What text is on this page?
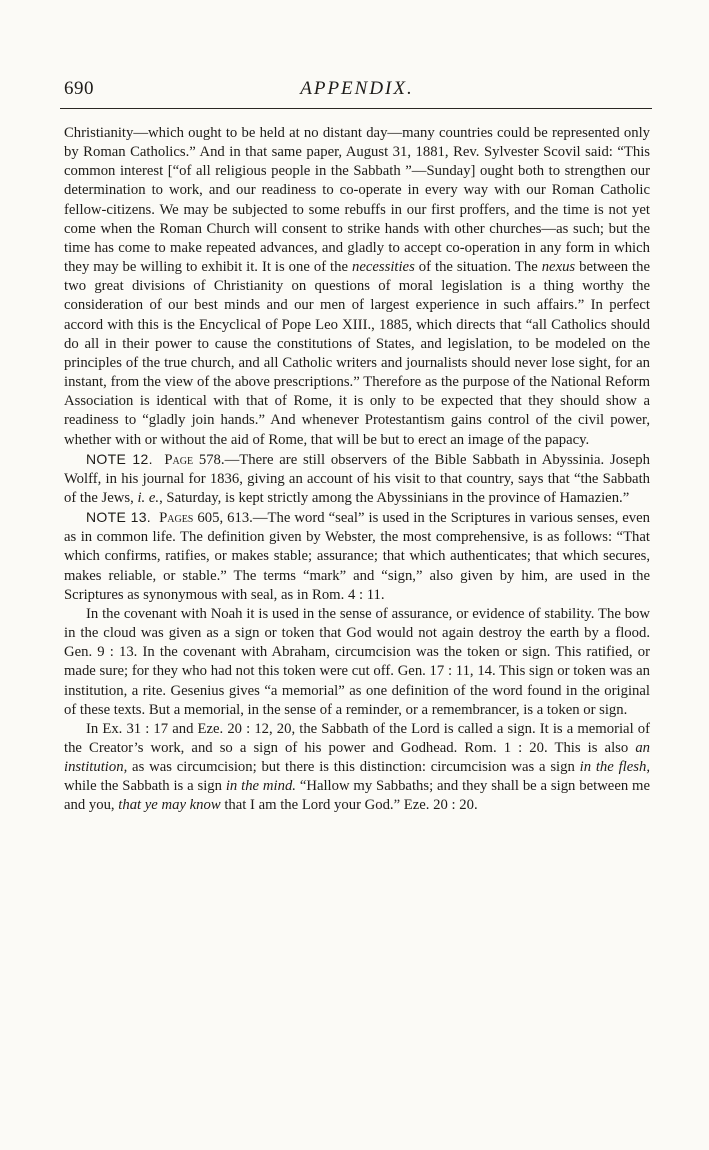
690	APPENDIX.

Christianity—which ought to be held at no distant day—many countries could be represented only by Roman Catholics.” And in that same paper, August 31, 1881, Rev. Sylvester Scovil said: “This common interest [“of all religious people in the Sabbath ”—Sunday] ought both to strengthen our determination to work, and our readiness to co-operate in every way with our Roman Catholic fellow-citizens. We may be subjected to some rebuffs in our first proffers, and the time is not yet come when the Roman Church will consent to strike hands with other churches—as such; but the time has come to make repeated advances, and gladly to accept co-operation in any form in which they may be willing to exhibit it. It is one of the necessities of the situation. The nexus between the two great divisions of Christianity on questions of moral legislation is a thing worthy the consideration of our best minds and our men of largest experience in such affairs.” In perfect accord with this is the Encyclical of Pope Leo XIII., 1885, which directs that “all Catholics should do all in their power to cause the constitutions of States, and legislation, to be modeled on the principles of the true church, and all Catholic writers and journalists should never lose sight, for an instant, from the view of the above prescriptions.” Therefore as the purpose of the National Reform Association is identical with that of Rome, it is only to be expected that they should show a readiness to “gladly join hands.” And whenever Protestantism gains control of the civil power, whether with or without the aid of Rome, that will be but to erect an image of the papacy.

NOTE 12. Page 578.—There are still observers of the Bible Sabbath in Abyssinia. Joseph Wolff, in his journal for 1836, giving an account of his visit to that country, says that “the Sabbath of the Jews, i. e., Saturday, is kept strictly among the Abyssinians in the province of Hamazien.”

NOTE 13. Pages 605, 613.—The word “seal” is used in the Scriptures in various senses, even as in common life. The definition given by Webster, the most comprehensive, is as follows: “That which confirms, ratifies, or makes stable; assurance; that which authenticates; that which secures, makes reliable, or stable.” The terms “mark” and “sign,” also given by him, are used in the Scriptures as synonymous with seal, as in Rom. 4 : 11.

In the covenant with Noah it is used in the sense of assurance, or evidence of stability. The bow in the cloud was given as a sign or token that God would not again destroy the earth by a flood. Gen. 9 : 13. In the covenant with Abraham, circumcision was the token or sign. This ratified, or made sure; for they who had not this token were cut off. Gen. 17 : 11, 14. This sign or token was an institution, a rite. Gesenius gives “a memorial” as one definition of the word found in the original of these texts. But a memorial, in the sense of a reminder, or a remembrancer, is a token or sign.

In Ex. 31 : 17 and Eze. 20 : 12, 20, the Sabbath of the Lord is called a sign. It is a memorial of the Creator’s work, and so a sign of his power and Godhead. Rom. 1 : 20. This is also an institution, as was circumcision; but there is this distinction: circumcision was a sign in the flesh, while the Sabbath is a sign in the mind. “Hallow my Sabbaths; and they shall be a sign between me and you, that ye may know that I am the Lord your God.” Eze. 20 : 20.
